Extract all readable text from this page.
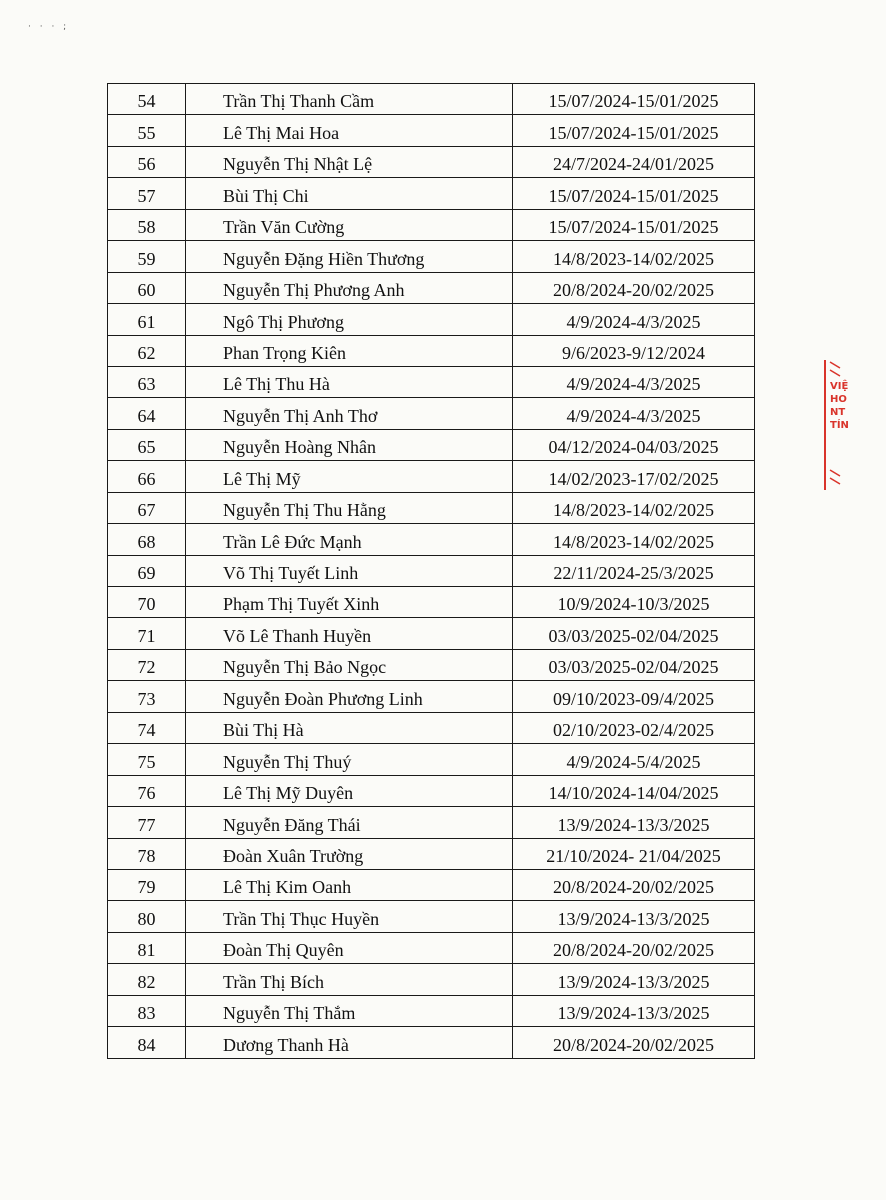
· · · ;
54	Trần Thị Thanh Cầm	15/07/2024-15/01/2025
55	Lê Thị Mai Hoa	15/07/2024-15/01/2025
56	Nguyễn Thị Nhật Lệ	24/7/2024-24/01/2025
57	Bùi Thị Chi	15/07/2024-15/01/2025
58	Trần Văn Cường	15/07/2024-15/01/2025
59	Nguyễn Đặng Hiền Thương	14/8/2023-14/02/2025
60	Nguyễn Thị Phương Anh	20/8/2024-20/02/2025
61	Ngô Thị Phương	4/9/2024-4/3/2025
62	Phan Trọng Kiên	9/6/2023-9/12/2024
63	Lê Thị Thu Hà	4/9/2024-4/3/2025
64	Nguyễn Thị Anh Thơ	4/9/2024-4/3/2025
65	Nguyễn Hoàng Nhân	04/12/2024-04/03/2025
66	Lê Thị Mỹ	14/02/2023-17/02/2025
67	Nguyễn Thị Thu Hằng	14/8/2023-14/02/2025
68	Trần Lê Đức Mạnh	14/8/2023-14/02/2025
69	Võ Thị Tuyết Linh	22/11/2024-25/3/2025
70	Phạm Thị Tuyết Xinh	10/9/2024-10/3/2025
71	Võ Lê Thanh Huyền	03/03/2025-02/04/2025
72	Nguyễn Thị Bảo Ngọc	03/03/2025-02/04/2025
73	Nguyễn Đoàn Phương Linh	09/10/2023-09/4/2025
74	Bùi Thị Hà	02/10/2023-02/4/2025
75	Nguyễn Thị Thuý	4/9/2024-5/4/2025
76	Lê Thị Mỹ Duyên	14/10/2024-14/04/2025
77	Nguyễn Đăng Thái	13/9/2024-13/3/2025
78	Đoàn Xuân Trường	21/10/2024- 21/04/2025
79	Lê Thị Kim Oanh	20/8/2024-20/02/2025
80	Trần Thị Thục Huyền	13/9/2024-13/3/2025
81	Đoàn Thị Quyên	20/8/2024-20/02/2025
82	Trần Thị Bích	13/9/2024-13/3/2025
83	Nguyễn Thị Thắm	13/9/2024-13/3/2025
84	Dương Thanh Hà	20/8/2024-20/02/2025
VIỆ
HO
NT
TÍN
